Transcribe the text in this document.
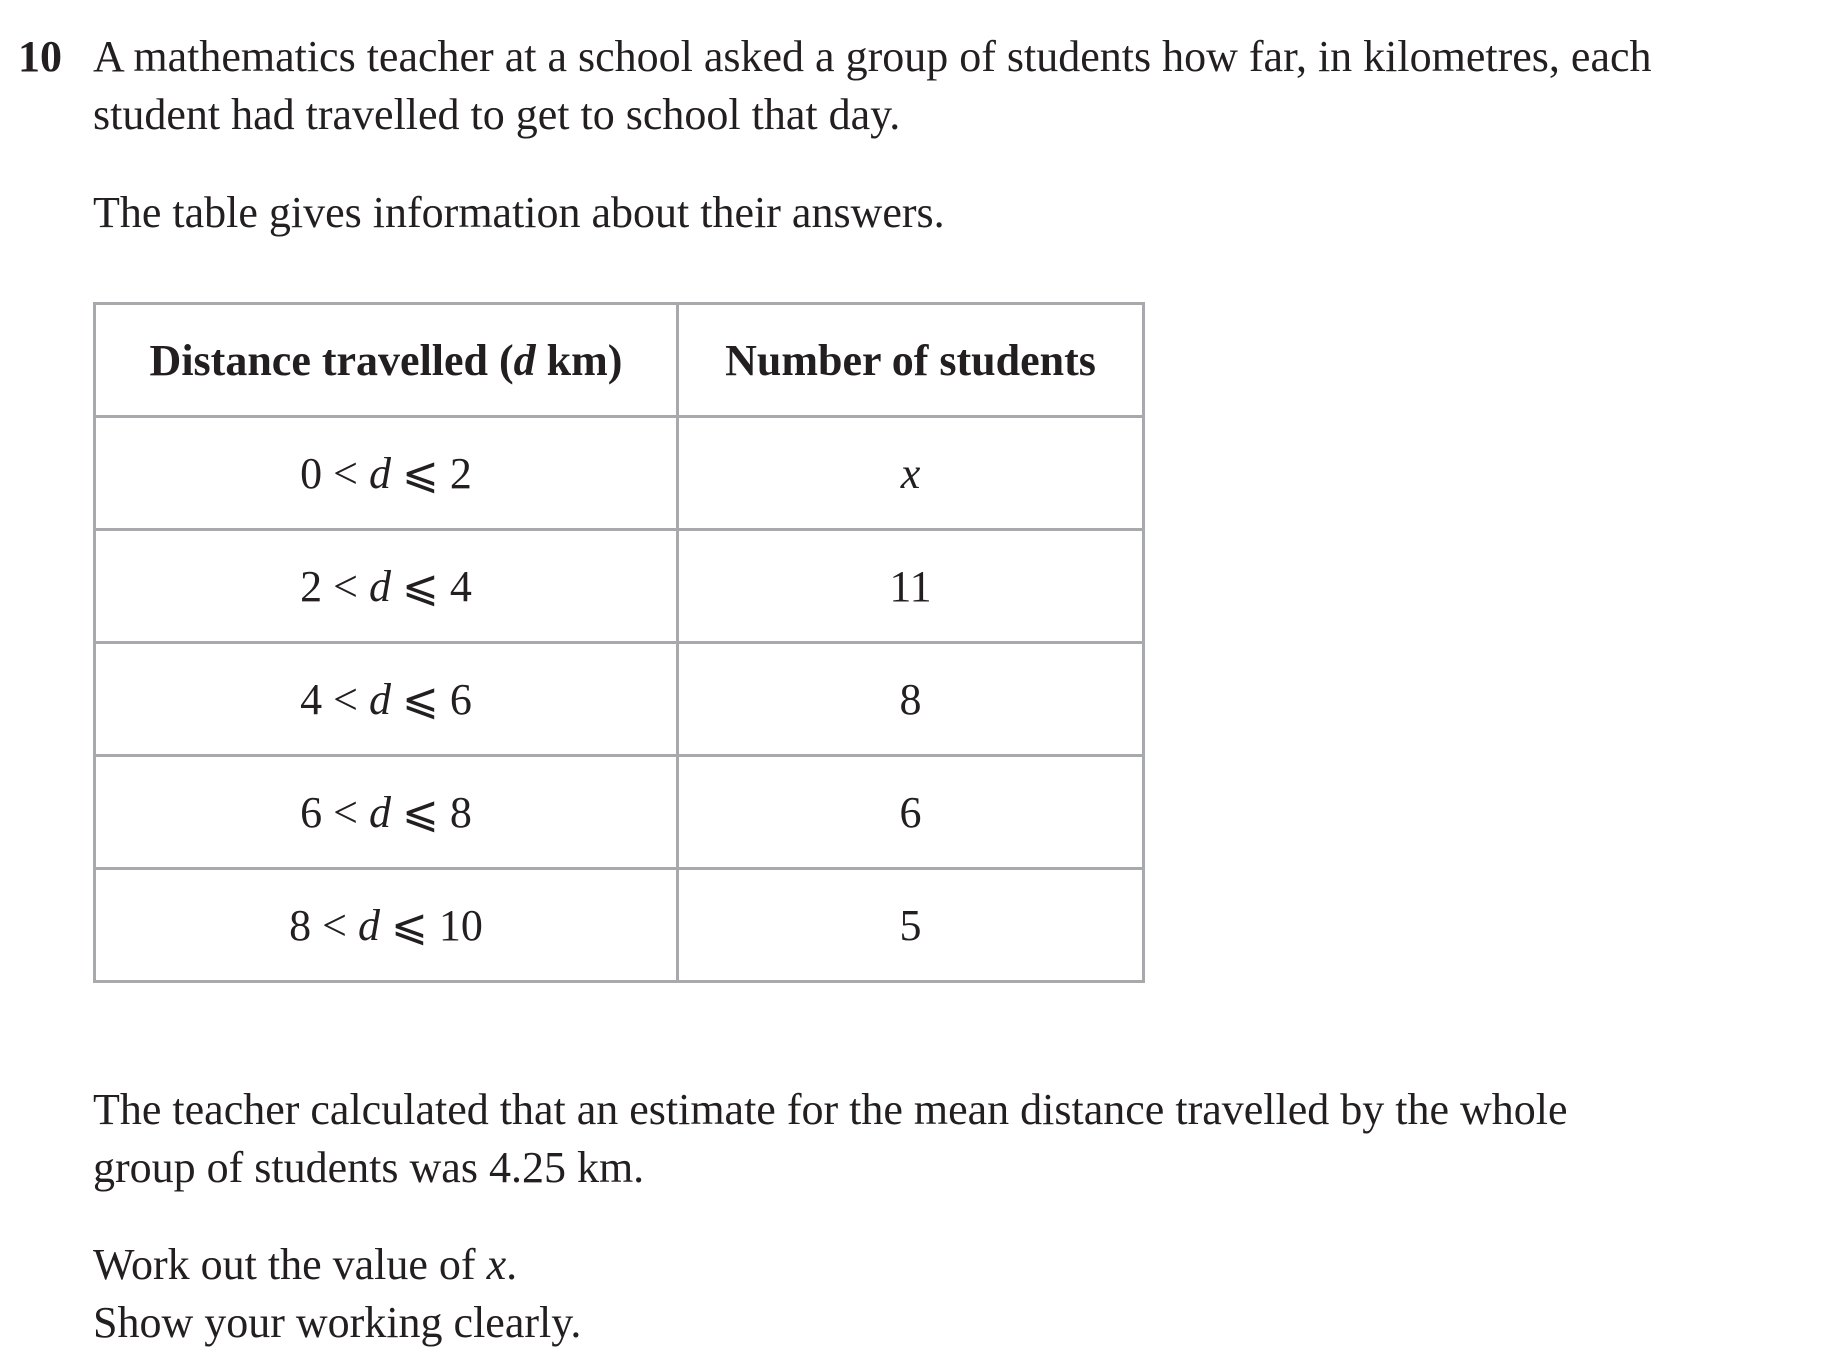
10 A mathematics teacher at a school asked a group of students how far, in kilometres, each

student had travelled to get to school that day.

The table gives information about their answers.

Distance travelled (d km)	Number of students
0 < d ⩽ 2	x
2 < d ⩽ 4	11
4 < d ⩽ 6	8
6 < d ⩽ 8	6
8 < d ⩽ 10	5
The teacher calculated that an estimate for the mean distance travelled by the whole
group of students was 4.25 km.

Work out the value of x.

Show your working clearly.
